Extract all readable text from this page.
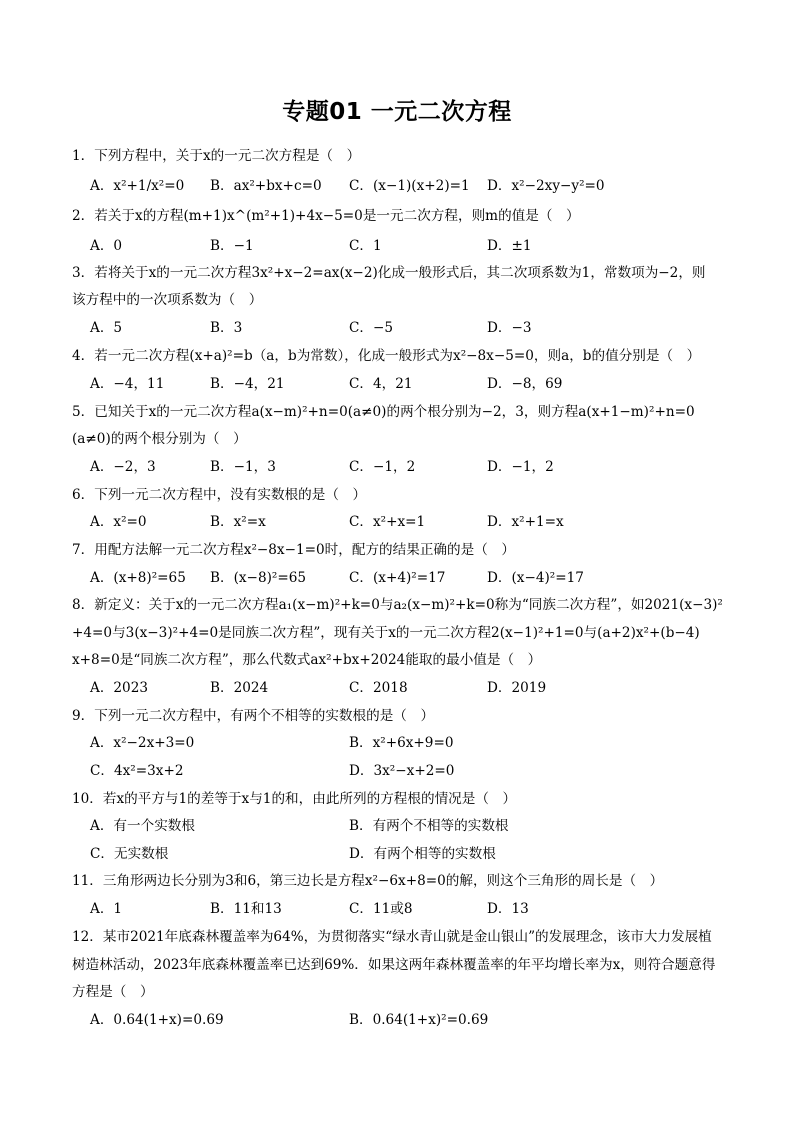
专题01 一元二次方程
1．下列方程中，关于x的一元二次方程是（　）
A．x²+1/x²=0 B．ax²+bx+c=0 C．(x−1)(x+2)=1 D．x²−2xy−y²=0
2．若关于x的方程(m+1)x^(m²+1)+4x−5=0是一元二次方程，则m的值是（　）
A．0	B．−1	C．1	D．±1
3．若将关于x的一元二次方程3x²+x−2=ax(x−2)化成一般形式后，其二次项系数为1，常数项为−2，则
该方程中的一次项系数为（　）
A．5	B．3	C．−5	D．−3
4．若一元二次方程(x+a)²=b（a，b为常数），化成一般形式为x²−8x−5=0，则a，b的值分别是（　）
A．−4，11	B．−4，21	C．4，21	D．−8，69
5．已知关于x的一元二次方程a(x−m)²+n=0(a≠0)的两个根分别为−2，3，则方程a(x+1−m)²+n=0
(a≠0)的两个根分别为（　）
A．−2，3	B．−1，3	C．−1，2	D．−1，2
6．下列一元二次方程中，没有实数根的是（　）
A．x²=0	B．x²=x	C．x²+x=1	D．x²+1=x
7．用配方法解一元二次方程x²−8x−1=0时，配方的结果正确的是（　）
A．(x+8)²=65 B．(x−8)²=65	C．(x+4)²=17	D．(x−4)²=17
8．新定义：关于x的一元二次方程a₁(x−m)²+k=0与a₂(x−m)²+k=0称为“同族二次方程”，如2021(x−3)²
+4=0与3(x−3)²+4=0是同族二次方程”，现有关于x的一元二次方程2(x−1)²+1=0与(a+2)x²+(b−4)
x+8=0是“同族二次方程”，那么代数式ax²+bx+2024能取的最小值是（　）
A．2023	B．2024	C．2018	D．2019
9．下列一元二次方程中，有两个不相等的实数根的是（　）
A．x²−2x+3=0	B．x²+6x+9=0
C．4x²=3x+2	D．3x²−x+2=0
10．若x的平方与1的差等于x与1的和，由此所列的方程根的情况是（　）
A．有一个实数根	B．有两个不相等的实数根
C．无实数根	D．有两个相等的实数根
11．三角形两边长分别为3和6，第三边长是方程x²−6x+8=0的解，则这个三角形的周长是（　）
A．1	B．11和13	C．11或8	D．13
12．某市2021年底森林覆盖率为64%，为贯彻落实“绿水青山就是金山银山”的发展理念，该市大力发展植
树造林活动，2023年底森林覆盖率已达到69%．如果这两年森林覆盖率的年平均增长率为x，则符合题意得
方程是（　）
A．0.64(1+x)=0.69	B．0.64(1+x)²=0.69
